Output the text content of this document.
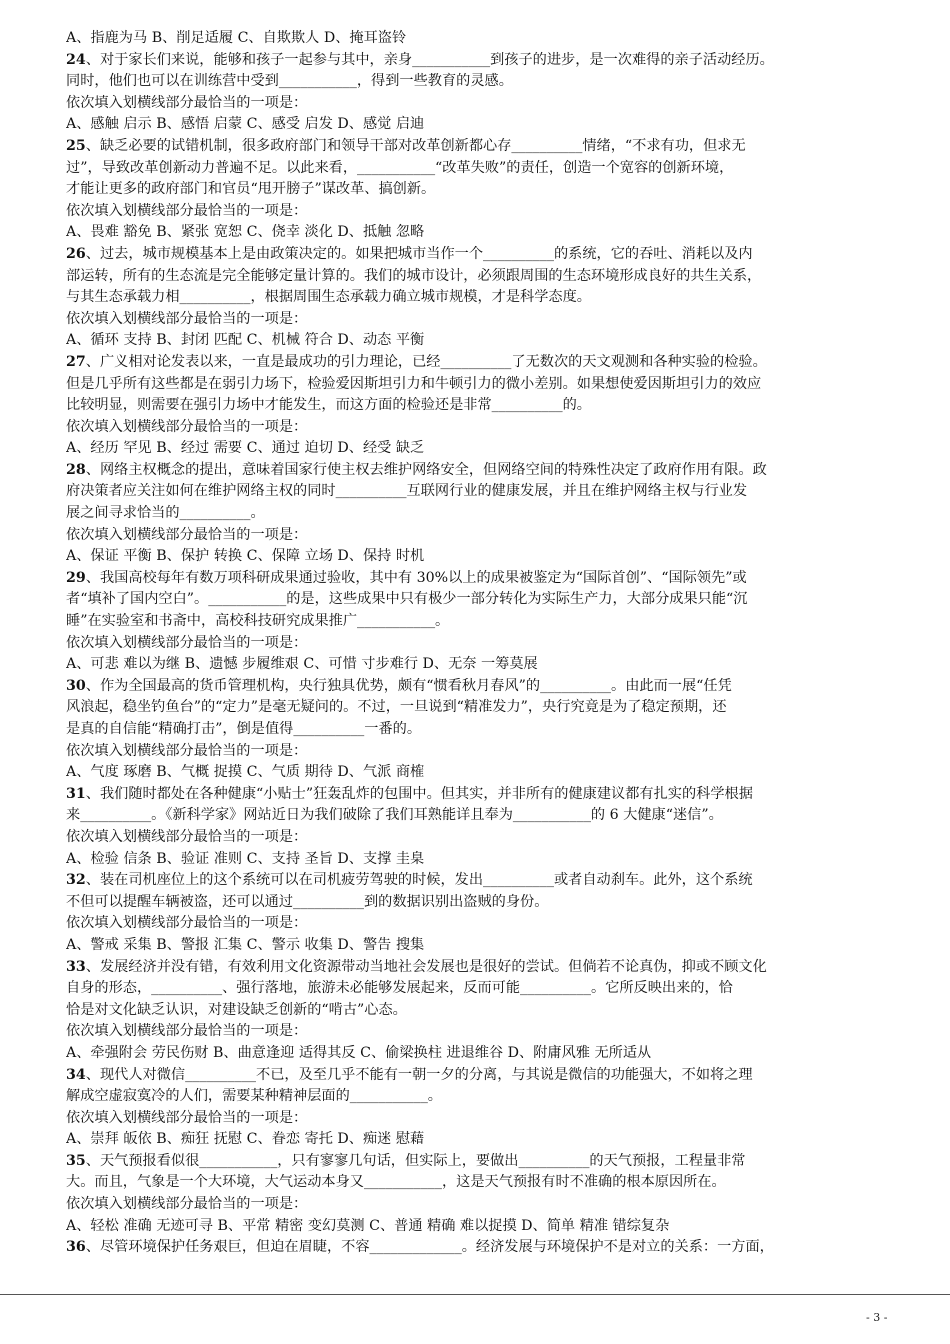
A、指鹿为马 B、削足适履 C、自欺欺人 D、掩耳盗铃
24、对于家长们来说，能够和孩子一起参与其中，亲身___________到孩子的进步，是一次难得的亲子活动经历。
同时，他们也可以在训练营中受到___________，得到一些教育的灵感。
依次填入划横线部分最恰当的一项是：
A、感触 启示 B、感悟 启蒙 C、感受 启发 D、感觉 启迪
25、缺乏必要的试错机制，很多政府部门和领导干部对改革创新都心存__________情绪，“不求有功，但求无
过”，导致改革创新动力普遍不足。以此来看，___________“改革失败”的责任，创造一个宽容的创新环境，
才能让更多的政府部门和官员“甩开膀子”谋改革、搞创新。
依次填入划横线部分最恰当的一项是：
A、畏难 豁免 B、紧张 宽恕 C、侥幸 淡化 D、抵触 忽略
26、过去，城市规模基本上是由政策决定的。如果把城市当作一个__________的系统，它的吞吐、消耗以及内
部运转，所有的生态流是完全能够定量计算的。我们的城市设计，必须跟周围的生态环境形成良好的共生关系，
与其生态承载力相__________，根据周围生态承载力确立城市规模，才是科学态度。
依次填入划横线部分最恰当的一项是：
A、循环 支持 B、封闭 匹配 C、机械 符合 D、动态 平衡
27、广义相对论发表以来，一直是最成功的引力理论，已经__________了无数次的天文观测和各种实验的检验。
但是几乎所有这些都是在弱引力场下，检验爱因斯坦引力和牛顿引力的微小差别。如果想使爱因斯坦引力的效应
比较明显，则需要在强引力场中才能发生，而这方面的检验还是非常__________的。
依次填入划横线部分最恰当的一项是：
A、经历 罕见 B、经过 需要 C、通过 迫切 D、经受 缺乏
28、网络主权概念的提出，意味着国家行使主权去维护网络安全，但网络空间的特殊性决定了政府作用有限。政
府决策者应关注如何在维护网络主权的同时__________互联网行业的健康发展，并且在维护网络主权与行业发
展之间寻求恰当的__________。
依次填入划横线部分最恰当的一项是：
A、保证 平衡 B、保护 转换 C、保障 立场 D、保持 时机
29、我国高校每年有数万项科研成果通过验收，其中有 30%以上的成果被鉴定为“国际首创”、“国际领先”或
者“填补了国内空白”。___________的是，这些成果中只有极少一部分转化为实际生产力，大部分成果只能“沉
睡”在实验室和书斋中，高校科技研究成果推广___________。
依次填入划横线部分最恰当的一项是：
A、可悲 难以为继 B、遗憾 步履维艰 C、可惜 寸步难行 D、无奈 一筹莫展
30、作为全国最高的货币管理机构，央行独具优势，颇有“惯看秋月春风”的__________。由此而一展“任凭
风浪起，稳坐钓鱼台”的“定力”是毫无疑问的。不过，一旦说到“精准发力”，央行究竟是为了稳定预期，还
是真的自信能“精确打击”，倒是值得__________一番的。
依次填入划横线部分最恰当的一项是：
A、气度 琢磨 B、气概 捉摸 C、气质 期待 D、气派 商榷
31、我们随时都处在各种健康“小贴士”狂轰乱炸的包围中。但其实，并非所有的健康建议都有扎实的科学根据
来__________。《新科学家》网站近日为我们破除了我们耳熟能详且奉为___________的 6 大健康“迷信”。
依次填入划横线部分最恰当的一项是：
A、检验 信条 B、验证 准则 C、支持 圣旨 D、支撑 圭臬
32、装在司机座位上的这个系统可以在司机疲劳驾驶的时候，发出__________或者自动刹车。此外，这个系统
不但可以提醒车辆被盗，还可以通过__________到的数据识别出盗贼的身份。
依次填入划横线部分最恰当的一项是：
A、警戒 采集 B、警报 汇集 C、警示 收集 D、警告 搜集
33、发展经济并没有错，有效利用文化资源带动当地社会发展也是很好的尝试。但倘若不论真伪，抑或不顾文化
自身的形态，__________、强行落地，旅游未必能够发展起来，反而可能__________。它所反映出来的，恰
恰是对文化缺乏认识，对建设缺乏创新的“啃古”心态。
依次填入划横线部分最恰当的一项是：
A、牵强附会 劳民伤财 B、曲意逢迎 适得其反 C、偷梁换柱 进退维谷 D、附庸风雅 无所适从
34、现代人对微信__________不已，及至几乎不能有一朝一夕的分离，与其说是微信的功能强大，不如将之理
解成空虚寂寞冷的人们，需要某种精神层面的___________。
依次填入划横线部分最恰当的一项是：
A、崇拜 皈依 B、痴狂 抚慰 C、眷恋 寄托 D、痴迷 慰藉
35、天气预报看似很___________，只有寥寥几句话，但实际上，要做出__________的天气预报，工程量非常
大。而且，气象是一个大环境，大气运动本身又___________，这是天气预报有时不准确的根本原因所在。
依次填入划横线部分最恰当的一项是：
A、轻松 准确 无迹可寻 B、平常 精密 变幻莫测 C、普通 精确 难以捉摸 D、简单 精准 错综复杂
36、尽管环境保护任务艰巨，但迫在眉睫，不容_____________。经济发展与环境保护不是对立的关系：一方面，
- 3 -
